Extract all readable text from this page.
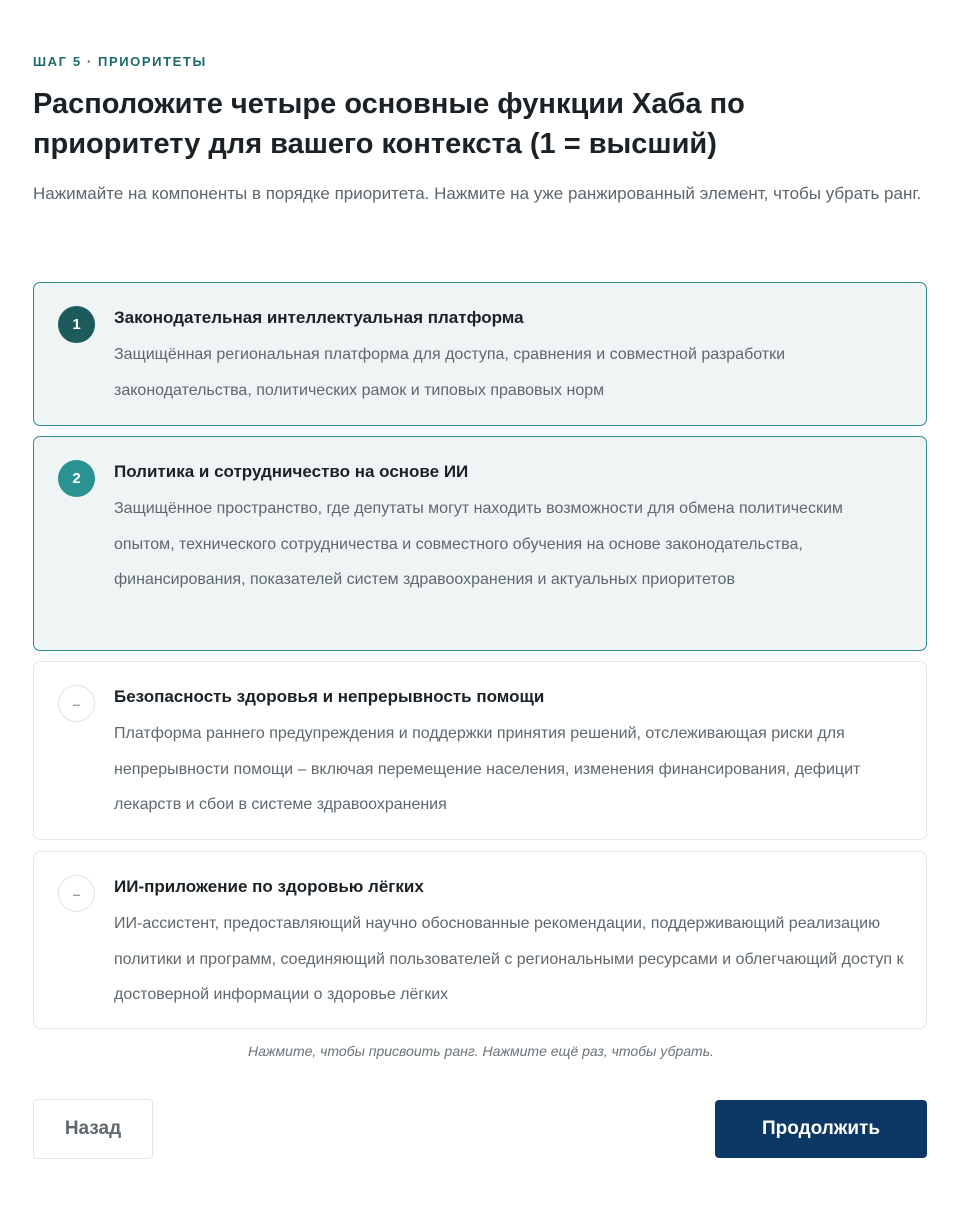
ШАГ 5 · ПРИОРИТЕТЫ
Расположите четыре основные функции Хаба по приоритету для вашего контекста (1 = высший)

Нажимайте на компоненты в порядке приоритета. Нажмите на уже ранжированный элемент, чтобы убрать ранг.

1	Законодательная интеллектуальная платформа
Защищённая региональная платформа для доступа, сравнения и совместной разработки законодательства, политических рамок и типовых правовых норм
2	Политика и сотрудничество на основе ИИ
Защищённое пространство, где депутаты могут находить возможности для обмена политическим опытом, технического сотрудничества и совместного обучения на основе законодательства, финансирования, показателей систем здравоохранения и актуальных приоритетов
–	Безопасность здоровья и непрерывность помощи
Платформа раннего предупреждения и поддержки принятия решений, отслеживающая риски для непрерывности помощи – включая перемещение населения, изменения финансирования, дефицит лекарств и сбои в системе здравоохранения
–	ИИ-приложение по здоровью лёгких
ИИ-ассистент, предоставляющий научно обоснованные рекомендации, поддерживающий реализацию политики и программ, соединяющий пользователей с региональными ресурсами и облегчающий доступ к достоверной информации о здоровье лёгких

Нажмите, чтобы присвоить ранг. Нажмите ещё раз, чтобы убрать.

Назад	Продолжить
